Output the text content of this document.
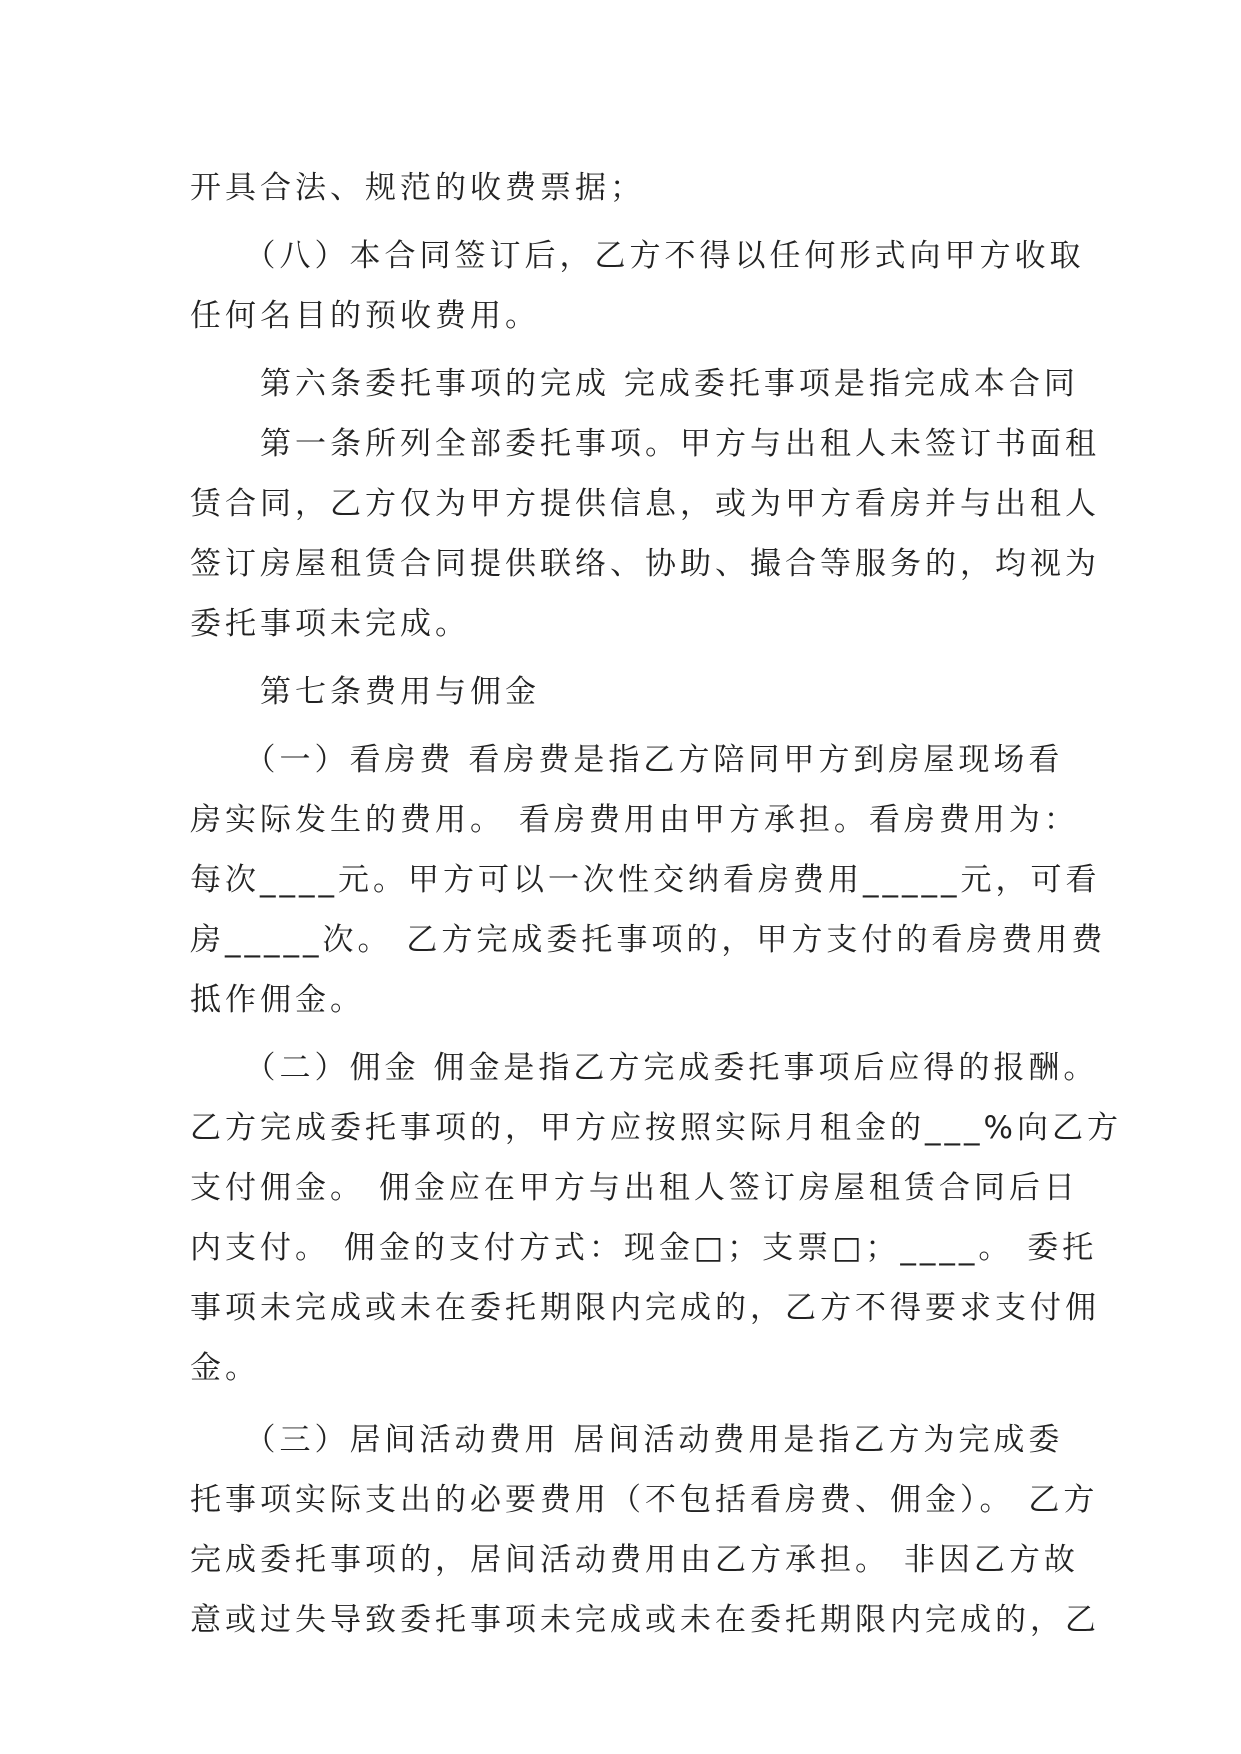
开具合法、规范的收费票据；
　　（八）本合同签订后，乙方不得以任何形式向甲方收取
任何名目的预收费用。
　　第六条委托事项的完成 完成委托事项是指完成本合同
　　第一条所列全部委托事项。甲方与出租人未签订书面租
赁合同，乙方仅为甲方提供信息，或为甲方看房并与出租人
签订房屋租赁合同提供联络、协助、撮合等服务的，均视为
委托事项未完成。
　　第七条费用与佣金
　　（一）看房费 看房费是指乙方陪同甲方到房屋现场看
房实际发生的费用。 看房费用由甲方承担。看房费用为：
每次____元。甲方可以一次性交纳看房费用_____元，可看
房_____次。 乙方完成委托事项的，甲方支付的看房费用费
抵作佣金。
　　（二）佣金 佣金是指乙方完成委托事项后应得的报酬。
乙方完成委托事项的，甲方应按照实际月租金的___%向乙方
支付佣金。 佣金应在甲方与出租人签订房屋租赁合同后日
内支付。 佣金的支付方式：现金□；支票□；____。 委托
事项未完成或未在委托期限内完成的，乙方不得要求支付佣
金。
　　（三）居间活动费用 居间活动费用是指乙方为完成委
托事项实际支出的必要费用（不包括看房费、佣金）。 乙方
完成委托事项的，居间活动费用由乙方承担。 非因乙方故
意或过失导致委托事项未完成或未在委托期限内完成的，乙
